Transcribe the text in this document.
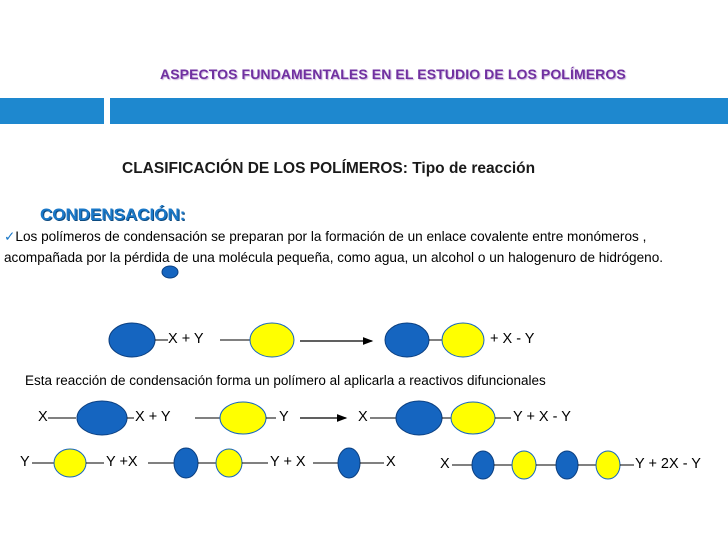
ASPECTOS FUNDAMENTALES EN EL ESTUDIO DE LOS POLÍMEROS
CLASIFICACIÓN DE LOS POLÍMEROS: Tipo de reacción
CONDENSACIÓN:
✓Los polímeros de condensación se preparan por la formación de un enlace covalente entre monómeros , acompañada por la pérdida de una molécula pequeña, como agua, un alcohol o un halogenuro de hidrógeno.
X + Y	+ X - Y
Esta reacción de condensación forma un polímero al aplicarla a reactivos difuncionales
X	X + Y	Y	X	Y + X - Y
Y	Y +X	Y + X	X	X	Y + 2X - Y
